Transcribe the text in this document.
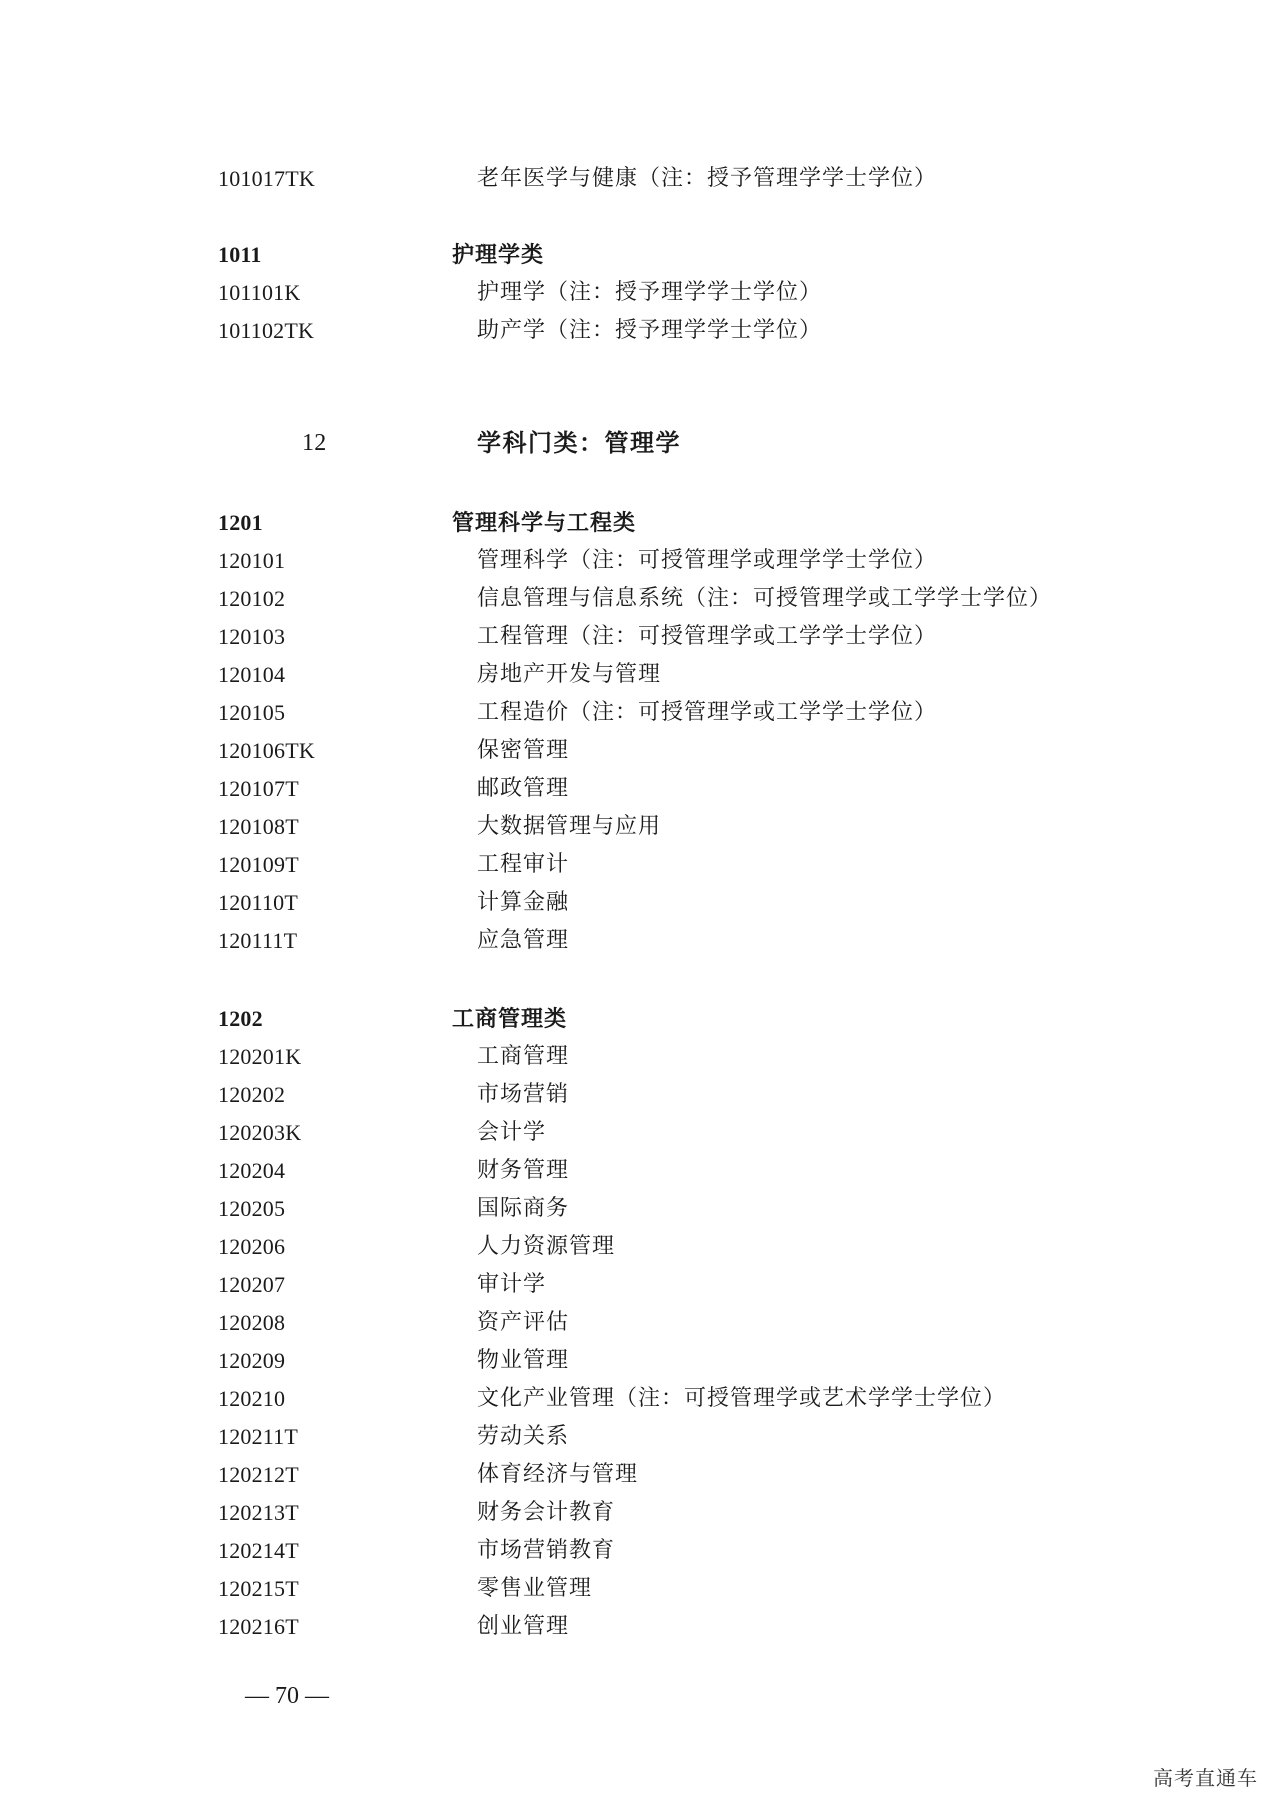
101017TK	老年医学与健康（注：授予管理学学士学位）
1011	护理学类
101101K	护理学（注：授予理学学士学位）
101102TK	助产学（注：授予理学学士学位）
12	学科门类：管理学
1201	管理科学与工程类
120101	管理科学（注：可授管理学或理学学士学位）
120102	信息管理与信息系统（注：可授管理学或工学学士学位）
120103	工程管理（注：可授管理学或工学学士学位）
120104	房地产开发与管理
120105	工程造价（注：可授管理学或工学学士学位）
120106TK	保密管理
120107T	邮政管理
120108T	大数据管理与应用
120109T	工程审计
120110T	计算金融
120111T	应急管理
1202	工商管理类
120201K	工商管理
120202	市场营销
120203K	会计学
120204	财务管理
120205	国际商务
120206	人力资源管理
120207	审计学
120208	资产评估
120209	物业管理
120210	文化产业管理（注：可授管理学或艺术学学士学位）
120211T	劳动关系
120212T	体育经济与管理
120213T	财务会计教育
120214T	市场营销教育
120215T	零售业管理
120216T	创业管理
— 70 —
高考直通车
